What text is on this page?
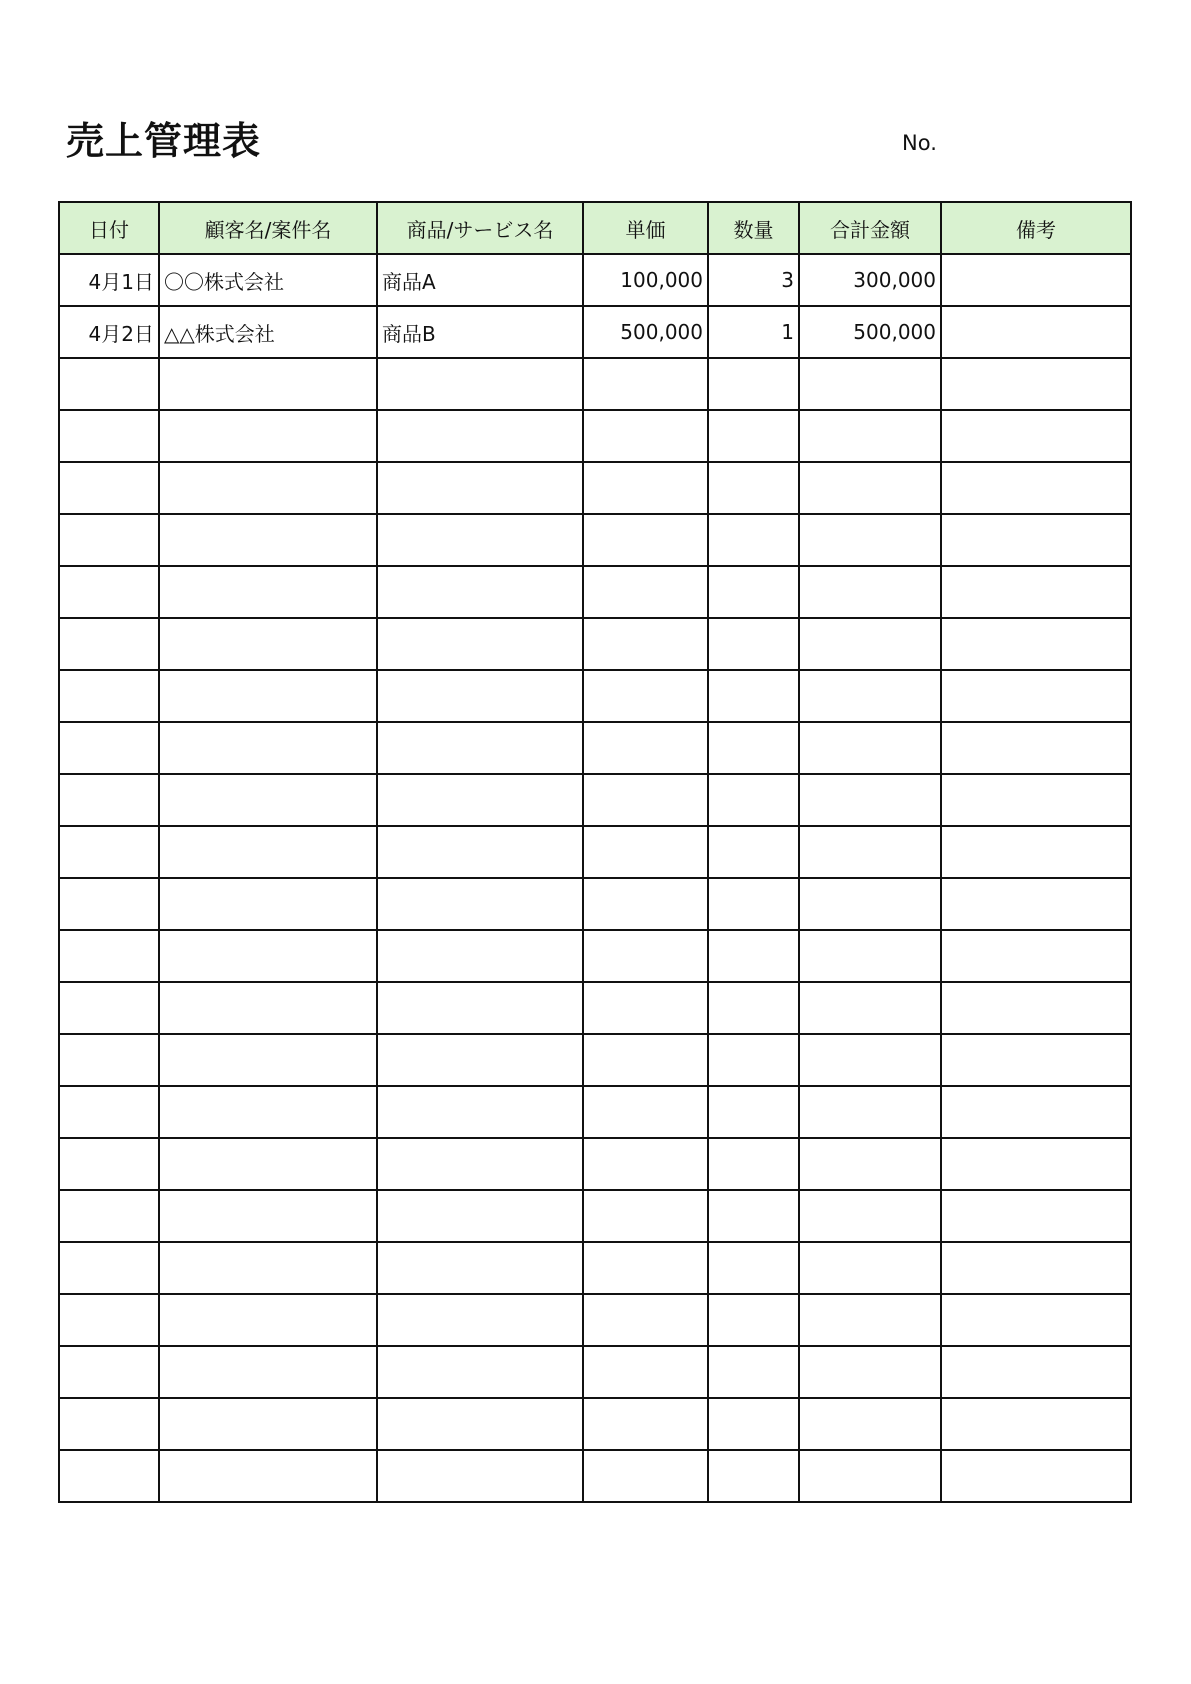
売上管理表	No.
日付	顧客名/案件名	商品/サービス名	単価	数量	合計金額	備考
4月1日	〇〇株式会社	商品A	100,000	3	300,000	
4月2日	△△株式会社	商品B	500,000	1	500,000	
